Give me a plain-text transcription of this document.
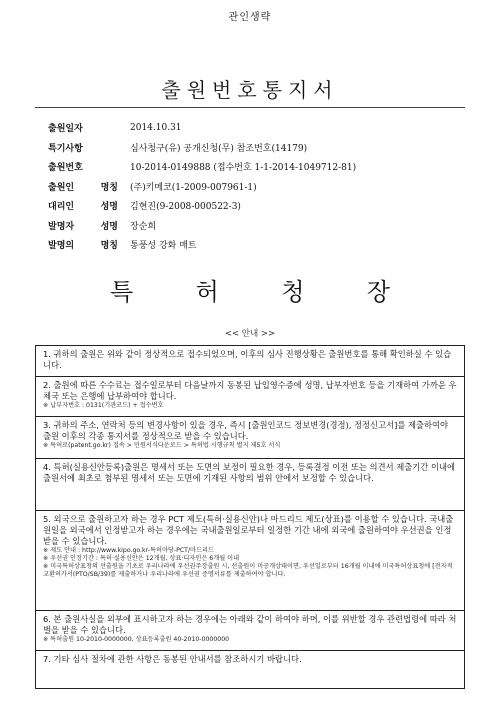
관인생략
출원번호통지서
출원일자	2014.10.31
특기사항	심사청구(유) 공개신청(무) 참조번호(14179)
출원번호	10-2014-0149888 (접수번호 1-1-2014-1049712-81)
출원인 명칭 (주)키메코(1-2009-007961-1)
대리인 성명 김현진(9-2008-000522-3)
발명자 성명 장순희
발명의 명칭 통풍성 강화 매트
특	허	청	장
<< 안내 >>
1. 귀하의 출원은 위와 같이 정상적으로 접수되었으며, 이후의 심사 진행상황은 출원번호를 통해 확인하실 수 있습니다.
2. 출원에 따른 수수료는 접수일로부터 다음날까지 동봉된 납입영수증에 성명, 납부자번호 등을 기재하여 가까운 우체국 또는 은행에 납부하여야 합니다.
※ 납부자번호 : 0131(기관코드) + 접수번호
3. 귀하의 주소, 연락처 등의 변경사항이 있을 경우, 즉시 [출원인코드 정보변경(경정), 정정신고서]를 제출하여야 출원 이후의 각종 통지서를 정상적으로 받을 수 있습니다.
※ 특허로(patent.go.kr) 접속 > 민원서식다운로드 > 특허법 시행규칙 별지 제5호 서식
4. 특허(실용신안등록)출원은 명세서 또는 도면의 보정이 필요한 경우, 등록결정 이전 또는 의견서 제출기간 이내에 출원서에 최초로 첨부된 명세서 또는 도면에 기재된 사항의 범위 안에서 보정할 수 있습니다.
5. 외국으로 출원하고자 하는 경우 PCT 제도(특허·실용신안)나 마드리드 제도(상표)를 이용할 수 있습니다. 국내출원일을 외국에서 인정받고자 하는 경우에는 국내출원일로부터 일정한 기간 내에 외국에 출원하여야 우선권을 인정받을 수 있습니다.
※ 제도 안내 : http://www.kipo.go.kr-특허마당-PCT/마드리드
※ 우선권 인정기간 : 특허·실용신안은 12개월, 상표·디자인은 6개월 이내
※ 미국특허상표청의 선출원을 기초로 우리나라에 우선권주장출원 시, 선출원이 미공개상태이면, 우선일로부터 16개월 이내에 미국특허상표청에 [전자적교환허가서(PTO/SB/39)를 제출하거나 우리나라에 우선권 증명서류를 제출하여야 합니다.
6. 본 출원사실을 외부에 표시하고자 하는 경우에는 아래와 같이 하여야 하며, 이를 위반할 경우 관련법령에 따라 처벌을 받을 수 있습니다.
※ 특허출원 10-2010-0000000, 상표등록출원 40-2010-0000000
7. 기타 심사 절차에 관한 사항은 동봉된 안내서를 참조하시기 바랍니다.
